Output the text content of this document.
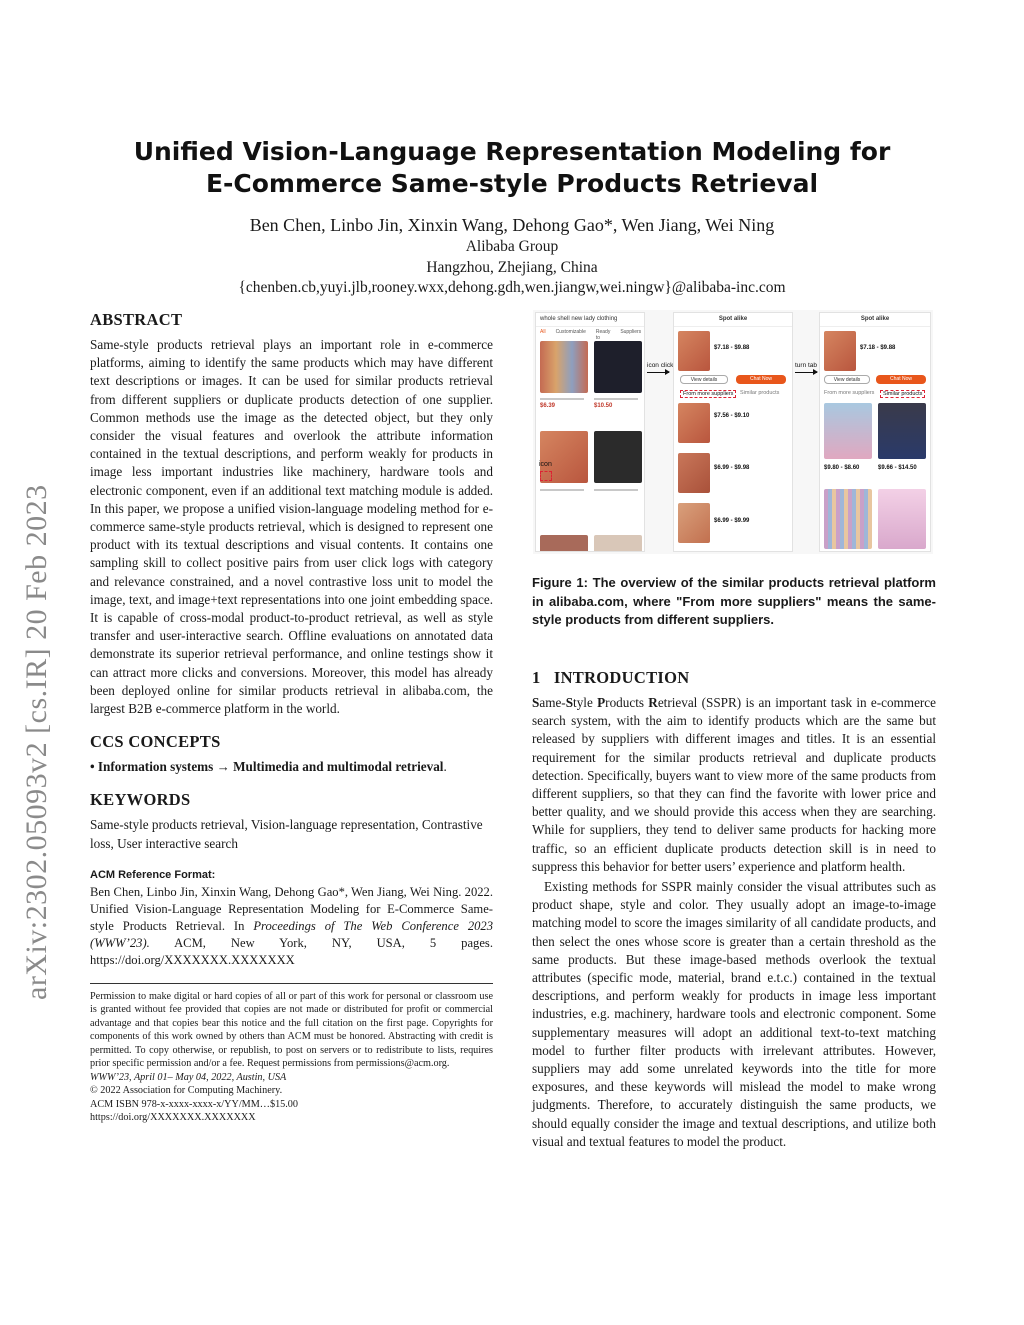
arXiv:2302.05093v2 [cs.IR] 20 Feb 2023
Unified Vision-Language Representation Modeling for
E-Commerce Same-style Products Retrieval
Ben Chen, Linbo Jin, Xinxin Wang, Dehong Gao*, Wen Jiang, Wei Ning
Alibaba Group
Hangzhou, Zhejiang, China
{chenben.cb,yuyi.jlb,rooney.wxx,dehong.gdh,wen.jiangw,wei.ningw}@alibaba-inc.com
ABSTRACT

Same-style products retrieval plays an important role in e-commerce platforms, aiming to identify the same products which may have different text descriptions or images. It can be used for similar products retrieval from different suppliers or duplicate products detection of one supplier. Common methods use the image as the detected object, but they only consider the visual features and overlook the attribute information contained in the textual descriptions, and perform weakly for products in image less important industries like machinery, hardware tools and electronic component, even if an additional text matching module is added. In this paper, we propose a unified vision-language modeling method for e-commerce same-style products retrieval, which is designed to represent one product with its textual descriptions and visual contents. It contains one sampling skill to collect positive pairs from user click logs with category and relevance constrained, and a novel contrastive loss unit to model the image, text, and image+text representations into one joint embedding space. It is capable of cross-modal product-to-product retrieval, as well as style transfer and user-interactive search. Offline evaluations on annotated data demonstrate its superior retrieval performance, and online testings show it can attract more clicks and conversions. Moreover, this model has already been deployed online for similar products retrieval in alibaba.com, the largest B2B e-commerce platform in the world.

CCS CONCEPTS
• Information systems → Multimedia and multimodal retrieval.
KEYWORDS

Same-style products retrieval, Vision-language representation, Contrastive loss, User interactive search

ACM Reference Format:
Ben Chen, Linbo Jin, Xinxin Wang, Dehong Gao*, Wen Jiang, Wei Ning. 2022. Unified Vision-Language Representation Modeling for E-Commerce Same-style Products Retrieval. In Proceedings of The Web Conference 2023 (WWW’23). ACM, New York, NY, USA, 5 pages. https://doi.org/XXXXXXX.XXXXXXX
Permission to make digital or hard copies of all or part of this work for personal or classroom use is granted without fee provided that copies are not made or distributed for profit or commercial advantage and that copies bear this notice and the full citation on the first page. Copyrights for components of this work owned by others than ACM must be honored. Abstracting with credit is permitted. To copy otherwise, or republish, to post on servers or to redistribute to lists, requires prior specific permission and/or a fee. Request permissions from permissions@acm.org.
WWW’23, April 01– May 04, 2022, Austin, USA
© 2022 Association for Computing Machinery.
ACM ISBN 978-x-xxxx-xxxx-x/YY/MM…$15.00
https://doi.org/XXXXXXX.XXXXXXX
whole shell new lady clothing
All Customizable Ready to
Suppliers
$6.39	$10.50
icon
icon click
Spot alike
$7.18 - $9.88
View details	Chat Now
From more suppliers	Similar products
$7.56 - $9.10
$6.99 - $9.98
$6.99 - $9.99
turn tab
Spot alike
$7.18 - $9.88
View details	Chat Now
From more suppliers	Similar products
$9.80 - $8.60	$9.66 - $14.50
Figure 1: The overview of the similar products retrieval platform in alibaba.com, where "From more suppliers" means the same-style products from different suppliers.
1 INTRODUCTION

Same-Style Products Retrieval (SSPR) is an important task in e-commerce search system, with the aim to identify products which are the same but released by suppliers with different images and titles. It is an essential requirement for the similar products retrieval and duplicate products detection. Specifically, buyers want to view more of the same products from different suppliers, so that they can find the favorite with lower price and better quality, and we should provide this access when they are searching. While for suppliers, they tend to deliver same products for hacking more traffic, so an efficient duplicate products detection skill is in need to suppress this behavior for better users’ experience and platform health.

Existing methods for SSPR mainly consider the visual attributes such as product shape, style and color. They usually adopt an image-to-image matching model to score the images similarity of all candidate products, and then select the ones whose score is greater than a certain threshold as the same products. But these image-based methods overlook the textual attributes (specific mode, material, brand e.t.c.) contained in the textual descriptions, and perform weakly for products in image less important industries, e.g. machinery, hardware tools and electronic component. Some supplementary measures will adopt an additional text-to-text matching model to further filter products with irrelevant attributes. However, suppliers may add some unrelated keywords into the title for more exposures, and these keywords will mislead the model to make wrong judgments. Therefore, to accurately distinguish the same products, we should equally consider the image and textual descriptions, and utilize both visual and textual features to model the product.
